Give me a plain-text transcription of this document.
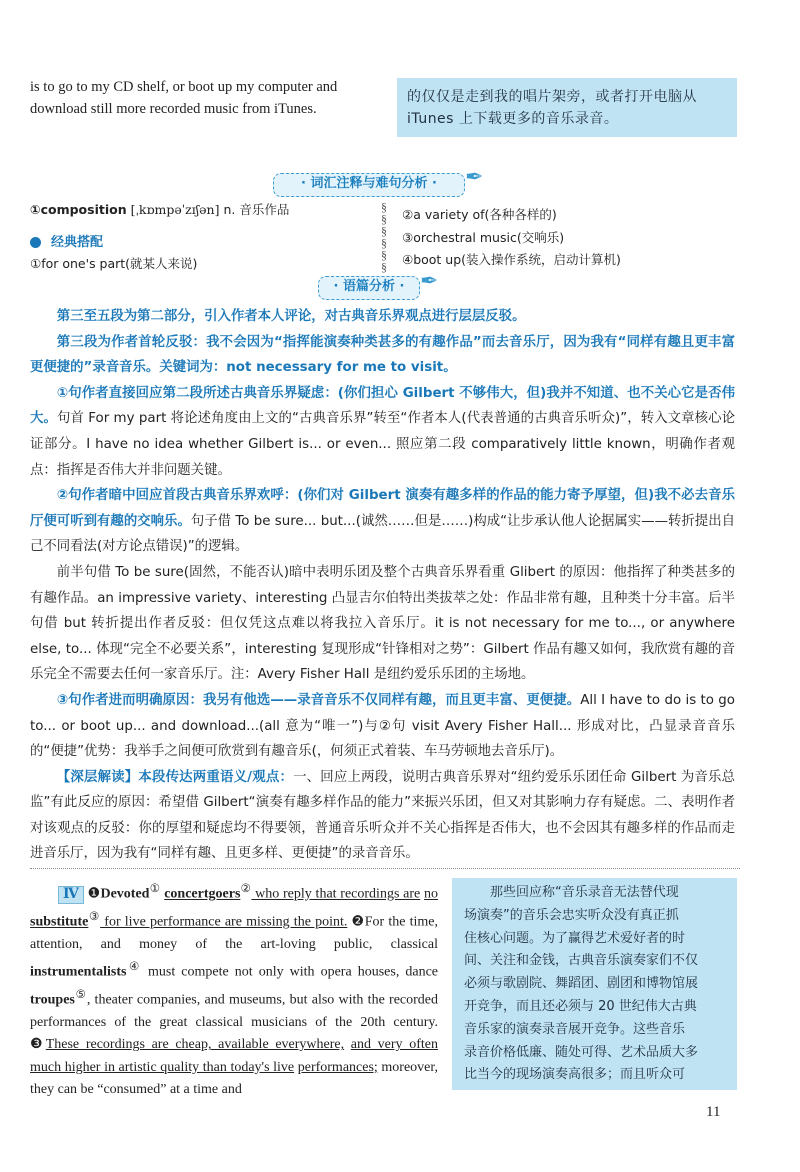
is to go to my CD shelf, or boot up my computer and
download still more recorded music from iTunes.
的仅仅是走到我的唱片架旁，或者打开电脑从
iTunes 上下载更多的音乐录音。
· 词汇注释与难句分析 ·	✒
①composition [ˌkɒmpəˈzɪʃən] n. 音乐作品
经典搭配
①for one's part(就某人来说)
§
§
§
§
§
§
②a variety of(各种各样的)
③orchestral music(交响乐)
④boot up(装入操作系统，启动计算机)
· 语篇分析 · ✒
第三至五段为第二部分，引入作者本人评论，对古典音乐界观点进行层层反驳。
第三段为作者首轮反驳：我不会因为“指挥能演奏种类甚多的有趣作品”而去音乐厅，因为我有“同样有趣且更丰富更便捷的”录音音乐。关键词为：not necessary for me to visit。
①句作者直接回应第二段所述古典音乐界疑虑：(你们担心 Gilbert 不够伟大，但)我并不知道、也不关心它是否伟大。句首 For my part 将论述角度由上文的“古典音乐界”转至“作者本人(代表普通的古典音乐听众)”，转入文章核心论证部分。I have no idea whether Gilbert is... or even... 照应第二段 comparatively little known，明确作者观点：指挥是否伟大并非问题关键。
②句作者暗中回应首段古典音乐界欢呼：(你们对 Gilbert 演奏有趣多样的作品的能力寄予厚望，但)我不必去音乐厅便可听到有趣的交响乐。句子借 To be sure... but...(诚然……但是……)构成“让步承认他人论据属实——转折提出自己不同看法(对方论点错误)”的逻辑。
前半句借 To be sure(固然，不能否认)暗中表明乐团及整个古典音乐界看重 Glibert 的原因：他指挥了种类甚多的有趣作品。an impressive variety、interesting 凸显吉尔伯特出类拔萃之处：作品非常有趣，且种类十分丰富。后半句借 but 转折提出作者反驳：但仅凭这点难以将我拉入音乐厅。it is not necessary for me to..., or anywhere else, to... 体现“完全不必要关系”，interesting 复现形成“针锋相对之势”：Gilbert 作品有趣又如何，我欣赏有趣的音乐完全不需要去任何一家音乐厅。注：Avery Fisher Hall 是纽约爱乐乐团的主场地。
③句作者进而明确原因：我另有他选——录音音乐不仅同样有趣，而且更丰富、更便捷。All I have to do is to go to... or boot up... and download...(all 意为“唯一”)与②句 visit Avery Fisher Hall... 形成对比，凸显录音音乐的“便捷”优势：我举手之间便可欣赏到有趣音乐(，何须正式着装、车马劳顿地去音乐厅)。
【深层解读】本段传达两重语义/观点：一、回应上两段，说明古典音乐界对“纽约爱乐乐团任命 Gilbert 为音乐总监”有此反应的原因：希望借 Gilbert“演奏有趣多样作品的能力”来振兴乐团，但又对其影响力存有疑虑。二、表明作者对该观点的反驳：你的厚望和疑虑均不得要领，普通音乐听众并不关心指挥是否伟大，也不会因其有趣多样的作品而走进音乐厅，因为我有“同样有趣、且更多样、更便捷”的录音音乐。
Ⅳ ❶Devoted① concertgoers② who reply that recordings are no substitute③ for live performance are missing the point. ❷For the time, attention, and money of the art-loving public, classical instrumentalists④ must compete not only with opera houses, dance troupes⑤, theater companies, and museums, but also with the recorded performances of the great classical musicians of the 20th century. ❸These recordings are cheap, available everywhere, and very often much higher in artistic quality than today's live performances; moreover, they can be “consumed” at a time and
那些回应称“音乐录音无法替代现
场演奏”的音乐会忠实听众没有真正抓
住核心问题。为了赢得艺术爱好者的时
间、关注和金钱，古典音乐演奏家们不仅
必须与歌剧院、舞蹈团、剧团和博物馆展
开竞争，而且还必须与 20 世纪伟大古典
音乐家的演奏录音展开竞争。这些音乐
录音价格低廉、随处可得、艺术品质大多
比当今的现场演奏高很多；而且听众可
11
